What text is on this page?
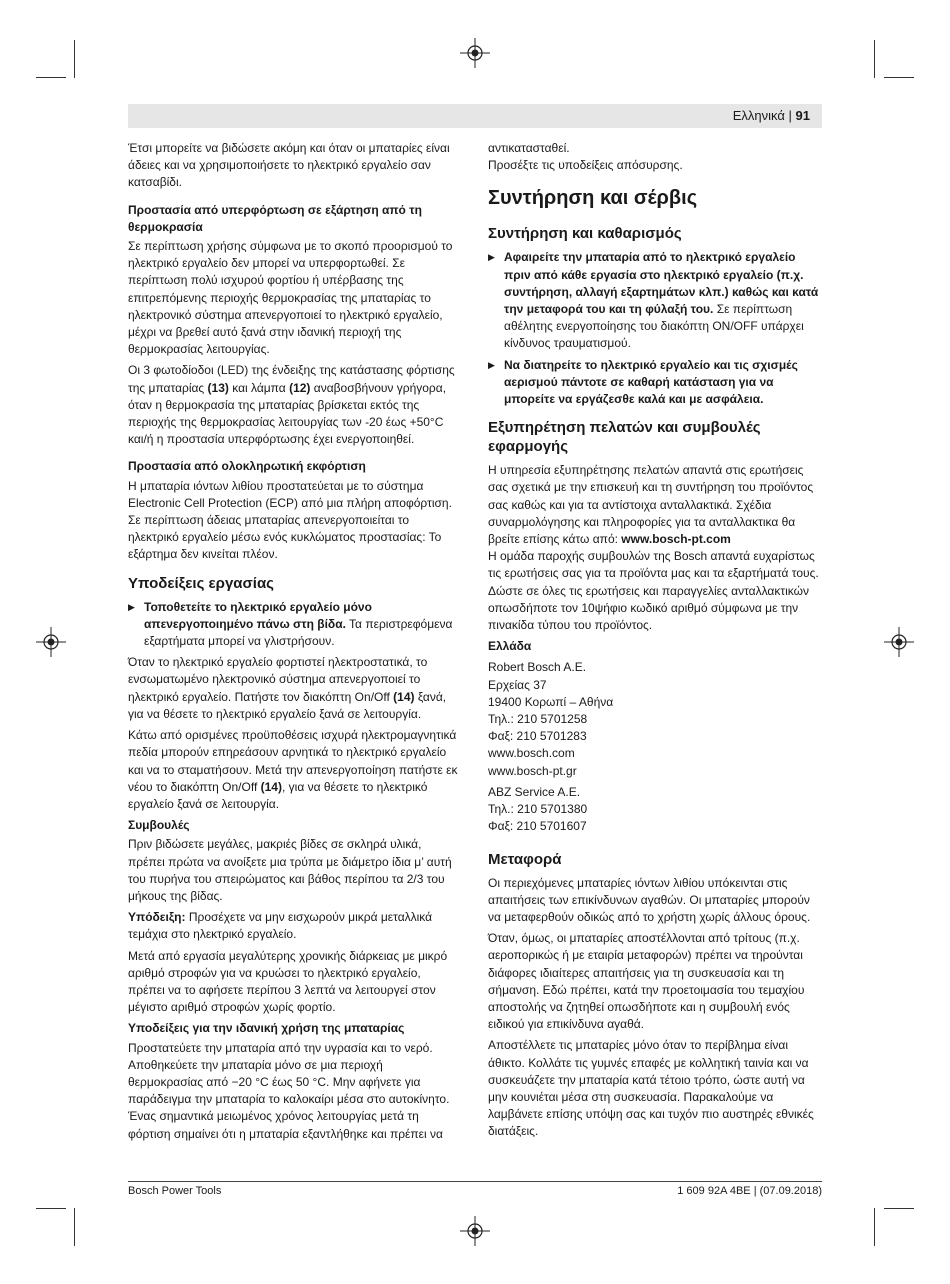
Ελληνικά | 91

Έτσι μπορείτε να βιδώσετε ακόμη και όταν οι μπαταρίες είναι άδειες και να χρησιμοποιήσετε το ηλεκτρικό εργαλείο σαν κατσαβίδι.

Προστασία από υπερφόρτωση σε εξάρτηση από τη θερμοκρασία

Σε περίπτωση χρήσης σύμφωνα με το σκοπό προορισμού το ηλεκτρικό εργαλείο δεν μπορεί να υπερφορτωθεί. Σε περίπτωση πολύ ισχυρού φορτίου ή υπέρβασης της επιτρεπόμενης περιοχής θερμοκρασίας της μπαταρίας το ηλεκτρονικό σύστημα απενεργοποιεί το ηλεκτρικό εργαλείο, μέχρι να βρεθεί αυτό ξανά στην ιδανική περιοχή της θερμοκρασίας λειτουργίας.

Οι 3 φωτοδίοδοι (LED) της ένδειξης της κατάστασης φόρτισης της μπαταρίας (13) και λάμπα (12) αναβοσβήνουν γρήγορα, όταν η θερμοκρασία της μπαταρίας βρίσκεται εκτός της περιοχής της θερμοκρασίας λειτουργίας των -20 έως +50°C και/ή η προστασία υπερφόρτωσης έχει ενεργοποιηθεί.

Προστασία από ολοκληρωτική εκφόρτιση

Η μπαταρία ιόντων λιθίου προστατεύεται με το σύστημα Electronic Cell Protection (ECP) από μια πλήρη αποφόρτιση. Σε περίπτωση άδειας μπαταρίας απενεργοποιείται το ηλεκτρικό εργαλείο μέσω ενός κυκλώματος προστασίας: Το εξάρτημα δεν κινείται πλέον.

Υποδείξεις εργασίας
▶ Τοποθετείτε το ηλεκτρικό εργαλείο μόνο απενεργοποιημένο πάνω στη βίδα. Τα περιστρεφόμενα εξαρτήματα μπορεί να γλιστρήσουν.

Όταν το ηλεκτρικό εργαλείο φορτιστεί ηλεκτροστατικά, το ενσωματωμένο ηλεκτρονικό σύστημα απενεργοποιεί το ηλεκτρικό εργαλείο. Πατήστε τον διακόπτη On/Off (14) ξανά, για να θέσετε το ηλεκτρικό εργαλείο ξανά σε λειτουργία.

Κάτω από ορισμένες προϋποθέσεις ισχυρά ηλεκτρομαγνητικά πεδία μπορούν επηρεάσουν αρνητικά το ηλεκτρικό εργαλείο και να το σταματήσουν. Μετά την απενεργοποίηση πατήστε εκ νέου το διακόπτη On/Off (14), για να θέσετε το ηλεκτρικό εργαλείο ξανά σε λειτουργία.

Συμβουλές

Πριν βιδώσετε μεγάλες, μακριές βίδες σε σκληρά υλικά, πρέπει πρώτα να ανοίξετε μια τρύπα με διάμετρο ίδια μ’ αυτή του πυρήνα του σπειρώματος και βάθος περίπου τα 2/3 του μήκους της βίδας.

Υπόδειξη: Προσέχετε να μην εισχωρούν μικρά μεταλλικά τεμάχια στο ηλεκτρικό εργαλείο.

Μετά από εργασία μεγαλύτερης χρονικής διάρκειας με μικρό αριθμό στροφών για να κρυώσει το ηλεκτρικό εργαλείο, πρέπει να το αφήσετε περίπου 3 λεπτά να λειτουργεί στον μέγιστο αριθμό στροφών χωρίς φορτίο.

Υποδείξεις για την ιδανική χρήση της μπαταρίας

Προστατεύετε την μπαταρία από την υγρασία και το νερό.

Αποθηκεύετε την μπαταρία μόνο σε μια περιοχή θερμοκρασίας από −20 °C έως 50 °C. Μην αφήνετε για παράδειγμα την μπαταρία το καλοκαίρι μέσα στο αυτοκίνητο.

Ένας σημαντικά μειωμένος χρόνος λειτουργίας μετά τη φόρτιση σημαίνει ότι η μπαταρία εξαντλήθηκε και πρέπει να

αντικατασταθεί.

Προσέξτε τις υποδείξεις απόσυρσης.

Συντήρηση και σέρβις
Συντήρηση και καθαρισμός
▶ Αφαιρείτε την μπαταρία από το ηλεκτρικό εργαλείο πριν από κάθε εργασία στο ηλεκτρικό εργαλείο (π.χ. συντήρηση, αλλαγή εξαρτημάτων κλπ.) καθώς και κατά την μεταφορά του και τη φύλαξή του. Σε περίπτωση αθέλητης ενεργοποίησης του διακόπτη ON/OFF υπάρχει κίνδυνος τραυματισμού.
▶ Να διατηρείτε το ηλεκτρικό εργαλείο και τις σχισμές αερισμού πάντοτε σε καθαρή κατάσταση για να μπορείτε να εργάζεσθε καλά και με ασφάλεια.
Εξυπηρέτηση πελατών και συμβουλές εφαρμογής

Η υπηρεσία εξυπηρέτησης πελατών απαντά στις ερωτήσεις σας σχετικά με την επισκευή και τη συντήρηση του προϊόντος σας καθώς και για τα αντίστοιχα ανταλλακτικά. Σχέδια συναρμολόγησης και πληροφορίες για τα ανταλλακτικα θα βρείτε επίσης κάτω από: www.bosch-pt.com

Η ομάδα παροχής συμβουλών της Bosch απαντά ευχαρίστως τις ερωτήσεις σας για τα προϊόντα μας και τα εξαρτήματά τους.

Δώστε σε όλες τις ερωτήσεις και παραγγελίες ανταλλακτικών οπωσδήποτε τον 10ψήφιο κωδικό αριθμό σύμφωνα με την πινακίδα τύπου του προϊόντος.

Ελλάδα

Robert Bosch A.E.

Ερχείας 37

19400 Κορωπί – Αθήνα

Τηλ.: 210 5701258

Φαξ: 210 5701283

www.bosch.com

www.bosch-pt.gr

ABZ Service A.E.

Τηλ.: 210 5701380

Φαξ: 210 5701607

Μεταφορά

Οι περιεχόμενες μπαταρίες ιόντων λιθίου υπόκεινται στις απαιτήσεις των επικίνδυνων αγαθών. Οι μπαταρίες μπορούν να μεταφερθούν οδικώς από το χρήστη χωρίς άλλους όρους.

Όταν, όμως, οι μπαταρίες αποστέλλονται από τρίτους (π.χ. αεροπορικώς ή με εταιρία μεταφορών) πρέπει να τηρούνται διάφορες ιδιαίτερες απαιτήσεις για τη συσκευασία και τη σήμανση. Εδώ πρέπει, κατά την προετοιμασία του τεμαχίου αποστολής να ζητηθεί οπωσδήποτε και η συμβουλή ενός ειδικού για επικίνδυνα αγαθά.

Αποστέλλετε τις μπαταρίες μόνο όταν το περίβλημα είναι άθικτο. Κολλάτε τις γυμνές επαφές με κολλητική ταινία και να συσκευάζετε την μπαταρία κατά τέτοιο τρόπο, ώστε αυτή να μην κουνιέται μέσα στη συσκευασία. Παρακαλούμε να λαμβάνετε επίσης υπόψη σας και τυχόν πιο αυστηρές εθνικές διατάξεις.

Bosch Power Tools	1 609 92A 4BE | (07.09.2018)
